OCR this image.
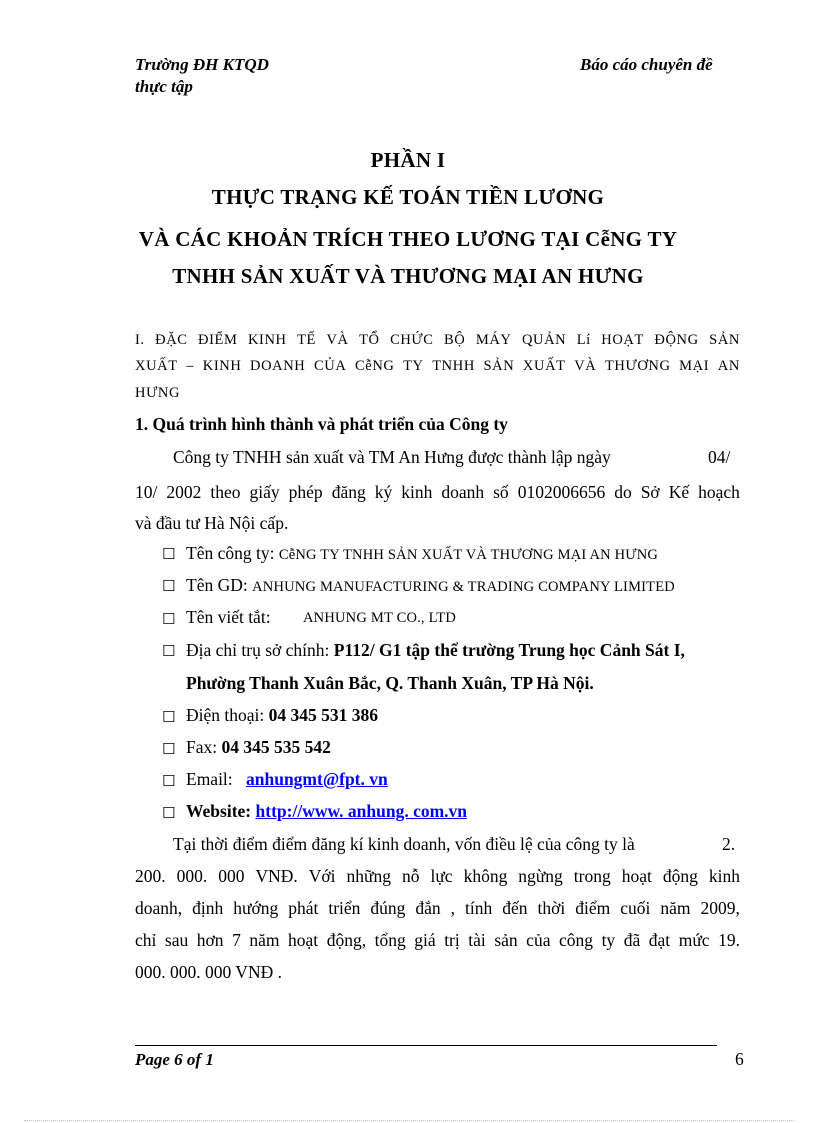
Trường ĐH KTQD
thực tập
Báo cáo chuyên đề
PHẦN I
THỰC TRẠNG KẾ TOÁN TIỀN LƯƠNG
VÀ CÁC KHOẢN TRÍCH THEO LƯƠNG TẠI CễNG TY
TNHH SẢN XUẤT VÀ THƯƠNG MẠI AN HƯNG
I. ĐẶC ĐIỂM KINH TẾ VÀ TỔ CHỨC BỘ MÁY QUẢN Lí HOẠT ĐỘNG SẢN
XUẤT – KINH DOANH CỦA CễNG TY TNHH SẢN XUẤT VÀ THƯƠNG MẠI AN
HƯNG
1. Quá trình hình thành và phát triển của Công ty
Công ty TNHH sản xuất và TM An Hưng được thành lập ngày	04/
10/ 2002 theo giấy phép đăng ký kinh doanh số 0102006656 do Sở Kế hoạch
và đầu tư Hà Nội cấp.
☐ Tên công ty: CễNG TY TNHH SẢN XUẤT VÀ THƯƠNG MẠI AN HƯNG
☐ Tên GD: ANHUNG MANUFACTURING & TRADING COMPANY LIMITED
☐ Tên viết tắt: ANHUNG MT CO., LTD
☐ Địa chỉ trụ sở chính: P112/ G1 tập thể trường Trung học Cảnh Sát I,
Phường Thanh Xuân Bắc, Q. Thanh Xuân, TP Hà Nội.
☐ Điện thoại: 04 345 531 386
☐ Fax: 04 345 535 542
☐ Email: anhungmt@fpt. vn
☐ Website: http://www. anhung. com.vn
Tại thời điểm điểm đăng kí kinh doanh, vốn điều lệ của công ty là	2.
200. 000. 000 VNĐ. Với những nỗ lực không ngừng trong hoạt động kinh
doanh, định hướng phát triển đúng đắn , tính đến thời điểm cuối năm 2009,
chỉ sau hơn 7 năm hoạt động, tổng giá trị tài sản của công ty đã đạt mức 19.
000. 000. 000 VNĐ .
Page 6 of 1	6
